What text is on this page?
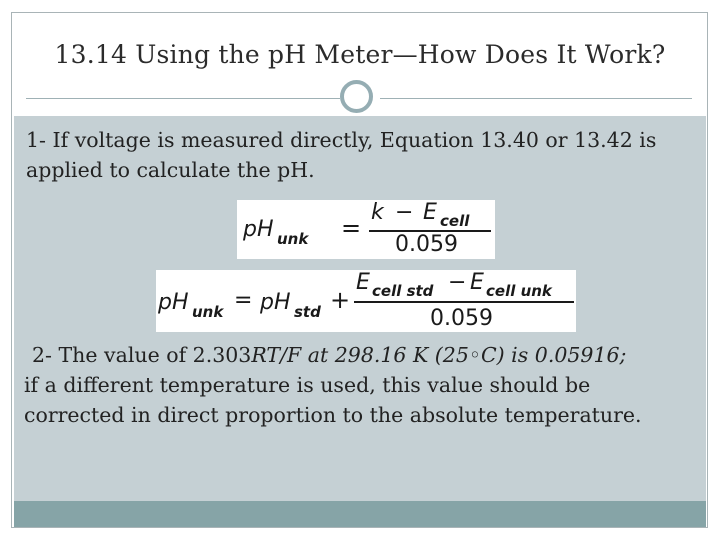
13.14 Using the pH Meter—How Does It Work?
1- If voltage is measured directly, Equation 13.40 or 13.42 is applied to calculate the pH.
pH unk =
k − E cell
0.059
pH unk = pH std +
E cell std − E cell unk
0.059
2- The value of 2.303RT/F at 298.16 K (25◦C) is 0.05916;
if a different temperature is used, this value should be
corrected in direct proportion to the absolute temperature.
